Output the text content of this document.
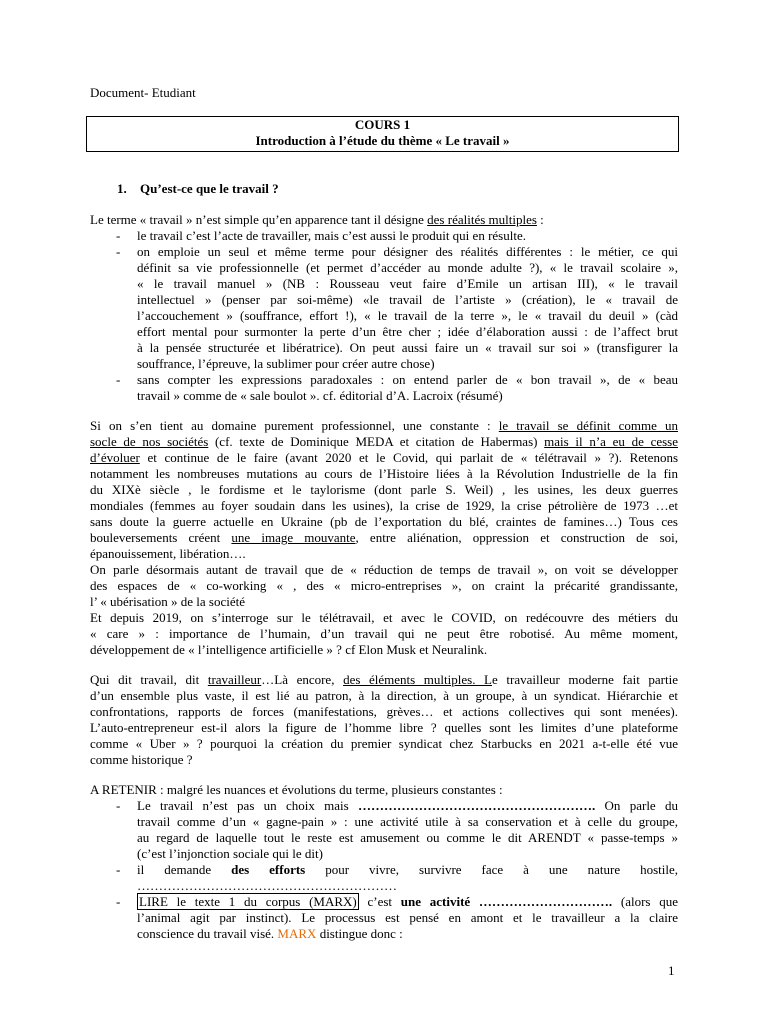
Document- Etudiant
COURS 1
Introduction à l’étude du thème « Le travail »
1. Qu’est-ce que le travail ?
Le terme « travail » n’est simple qu’en apparence tant il désigne des réalités multiples :
- le travail c’est l’acte de travailler, mais c’est aussi le produit qui en résulte.
- on emploie un seul et même terme pour désigner des réalités différentes : le métier, ce qui
définit sa vie professionnelle (et permet d’accéder au monde adulte ?), « le travail scolaire »,
« le travail manuel » (NB : Rousseau veut faire d’Emile un artisan III), « le travail
intellectuel » (penser par soi-même) «le travail de l’artiste » (création), le « travail de
l’accouchement » (souffrance, effort !), « le travail de la terre », le « travail du deuil » (càd
effort mental pour surmonter la perte d’un être cher ; idée d’élaboration aussi : de l’affect brut
à la pensée structurée et libératrice). On peut aussi faire un « travail sur soi » (transfigurer la
souffrance, l’épreuve, la sublimer pour créer autre chose)
- sans compter les expressions paradoxales : on entend parler de « bon travail », de « beau
travail » comme de « sale boulot ». cf. éditorial d’A. Lacroix (résumé)
Si on s’en tient au domaine purement professionnel, une constante : le travail se définit comme un
socle de nos sociétés (cf. texte de Dominique MEDA et citation de Habermas) mais il n’a eu de cesse
d’évoluer et continue de le faire (avant 2020 et le Covid, qui parlait de « télétravail » ?). Retenons
notamment les nombreuses mutations au cours de l’Histoire liées à la Révolution Industrielle de la fin
du XIXè siècle , le fordisme et le taylorisme (dont parle S. Weil) , les usines, les deux guerres
mondiales (femmes au foyer soudain dans les usines), la crise de 1929, la crise pétrolière de 1973 …et
sans doute la guerre actuelle en Ukraine (pb de l’exportation du blé, craintes de famines…) Tous ces
bouleversements créent une image mouvante, entre aliénation, oppression et construction de soi,
épanouissement, libération….
On parle désormais autant de travail que de « réduction de temps de travail », on voit se développer
des espaces de « co-working « , des « micro-entreprises », on craint la précarité grandissante,
l’ « ubérisation » de la société
Et depuis 2019, on s’interroge sur le télétravail, et avec le COVID, on redécouvre des métiers du
« care » : importance de l’humain, d’un travail qui ne peut être robotisé. Au même moment,
développement de « l’intelligence artificielle » ? cf Elon Musk et Neuralink.
Qui dit travail, dit travailleur…Là encore, des éléments multiples. Le travailleur moderne fait partie
d’un ensemble plus vaste, il est lié au patron, à la direction, à un groupe, à un syndicat. Hiérarchie et
confrontations, rapports de forces (manifestations, grèves… et actions collectives qui sont menées).
L’auto-entrepreneur est-il alors la figure de l’homme libre ? quelles sont les limites d’une plateforme
comme « Uber » ? pourquoi la création du premier syndicat chez Starbucks en 2021 a-t-elle été vue
comme historique ?
A RETENIR : malgré les nuances et évolutions du terme, plusieurs constantes :
- Le travail n’est pas un choix mais ………………………………………………. On parle du
travail comme d’un « gagne-pain » : une activité utile à sa conservation et à celle du groupe,
au regard de laquelle tout le reste est amusement ou comme le dit ARENDT « passe-temps »
(c’est l’injonction sociale qui le dit)
- il demande des efforts pour vivre, survivre face à une nature hostile,
……………………………………………………
- LIRE le texte 1 du corpus (MARX) c’est une activité …………………………. (alors que
l’animal agit par instinct). Le processus est pensé en amont et le travailleur a la claire
conscience du travail visé. MARX distingue donc :
1
